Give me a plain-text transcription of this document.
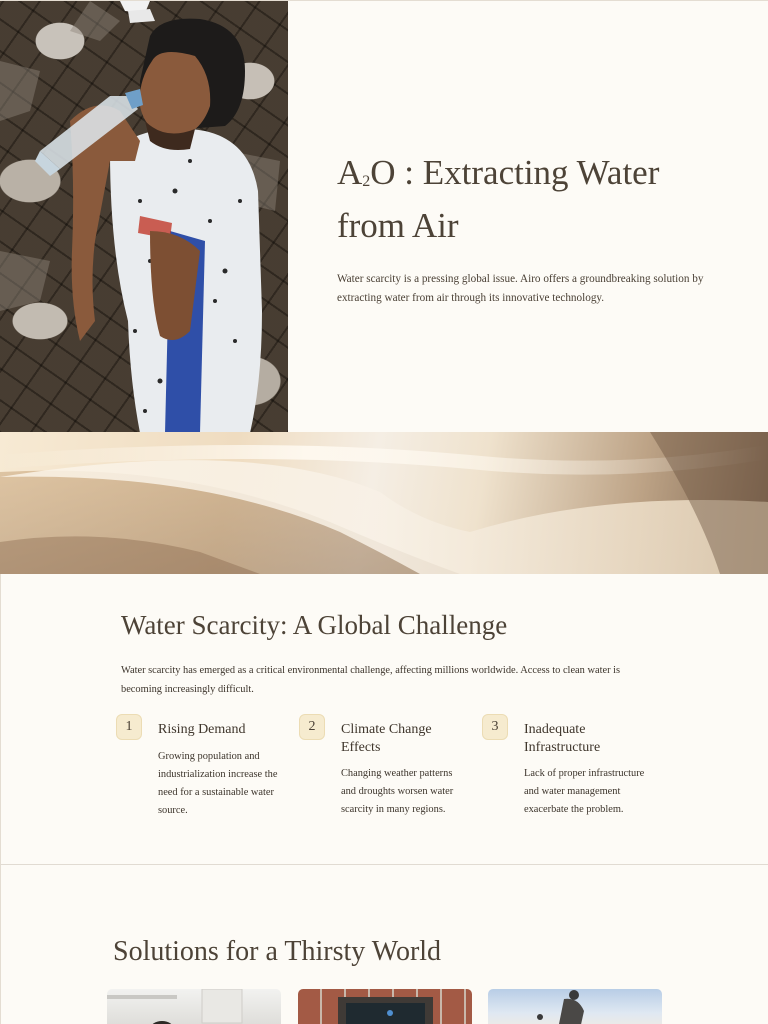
$A_2O$ : Extracting Water from Air

Water scarcity is a pressing global issue. Airo offers a groundbreaking solution by extracting water from air through its innovative technology.

Water Scarcity: A Global Challenge

Water scarcity has emerged as a critical environmental challenge, affecting millions worldwide. Access to clean water is becoming increasingly difficult.

1	Rising Demand
Growing population and industrialization increase the need for a sustainable water source.
2	Climate Change Effects
Changing weather patterns and droughts worsen water scarcity in many regions.
3	Inadequate Infrastructure
Lack of proper infrastructure and water management exacerbate the problem.
Solutions for a Thirsty World
